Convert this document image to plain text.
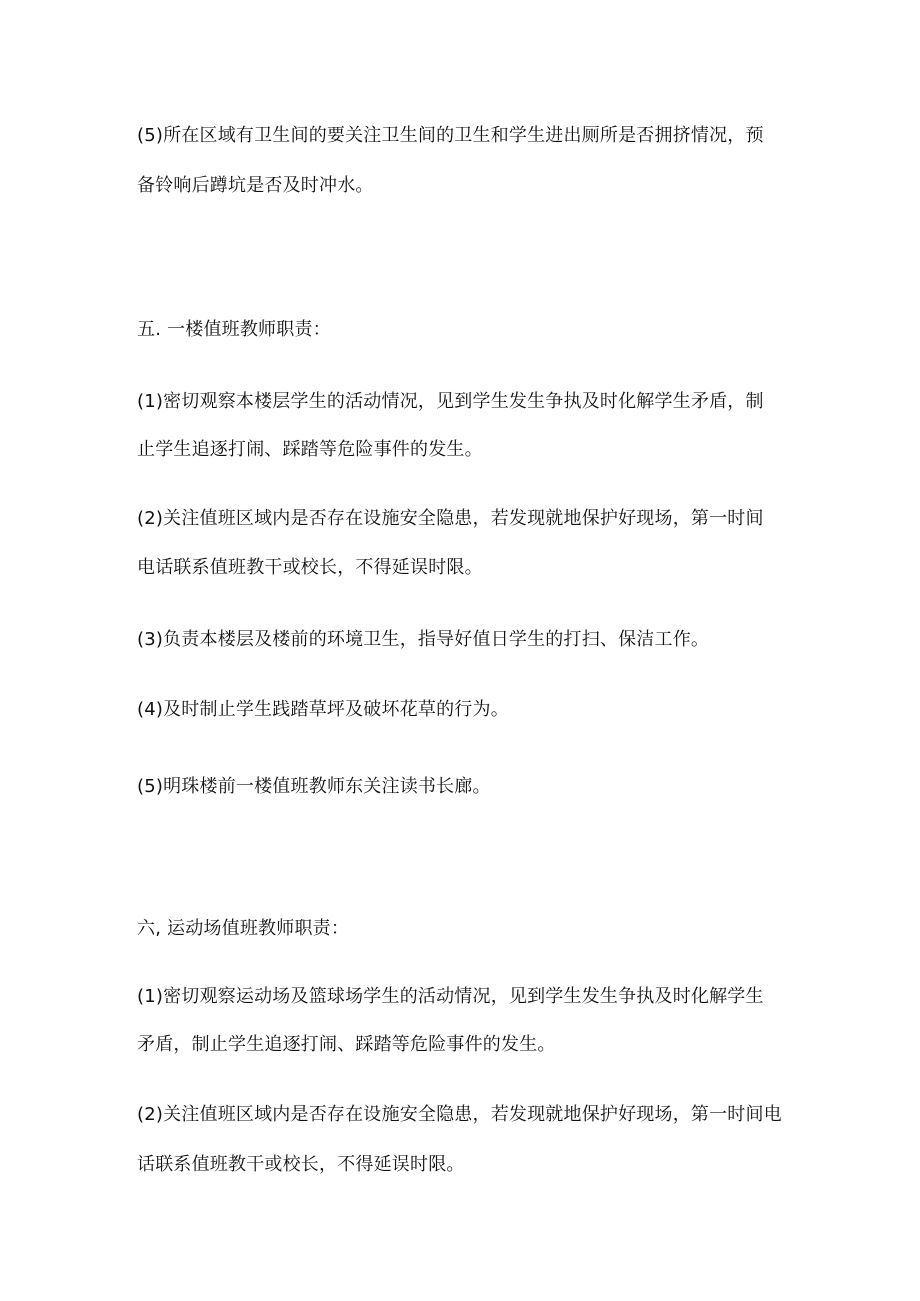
(5)所在区域有卫生间的要关注卫生间的卫生和学生进出厕所是否拥挤情况，预
备铃响后蹲坑是否及时冲水。
五. 一楼值班教师职责：
(1)密切观察本楼层学生的活动情况，见到学生发生争执及时化解学生矛盾，制
止学生追逐打闹、踩踏等危险事件的发生。
(2)关注值班区域内是否存在设施安全隐患，若发现就地保护好现场，第一时间
电话联系值班教干或校长，不得延误时限。
(3)负责本楼层及楼前的环境卫生，指导好值日学生的打扫、保洁工作。
(4)及时制止学生践踏草坪及破坏花草的行为。
(5)明珠楼前一楼值班教师东关注读书长廊。
六, 运动场值班教师职责：
(1)密切观察运动场及篮球场学生的活动情况，见到学生发生争执及时化解学生
矛盾，制止学生追逐打闹、踩踏等危险事件的发生。
(2)关注值班区域内是否存在设施安全隐患，若发现就地保护好现场，第一时间电
话联系值班教干或校长，不得延误时限。
